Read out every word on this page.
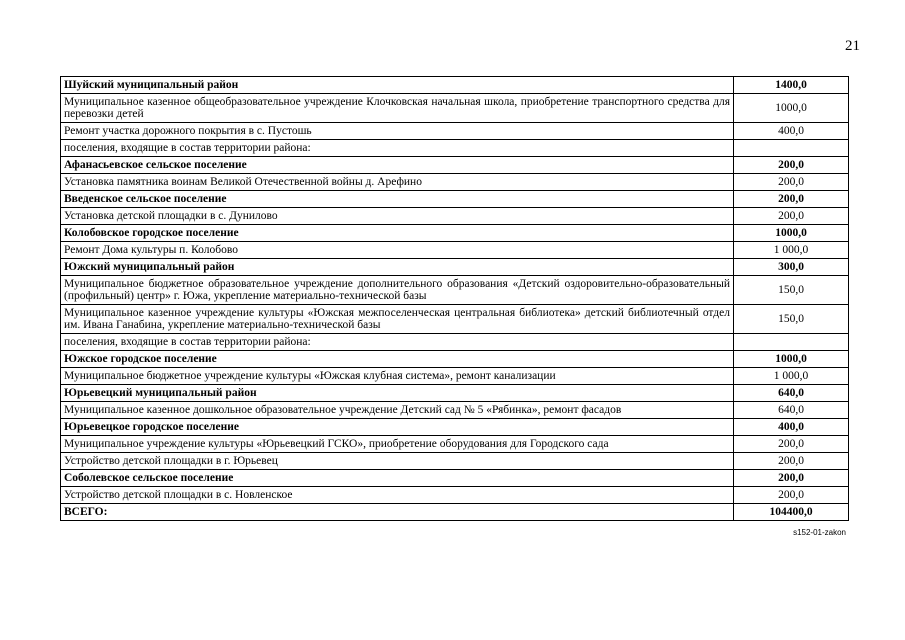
21
Шуйский муниципальный район	1400,0
Муниципальное казенное общеобразовательное учреждение Клочковская начальная школа, приобретение транспортного средства для перевозки детей	1000,0
Ремонт участка дорожного покрытия в с. Пустошь	400,0
поселения, входящие в состав территории района:	
Афанасьевское сельское поселение	200,0
Установка памятника воинам Великой Отечественной войны д. Арефино	200,0
Введенское сельское поселение	200,0
Установка детской площадки в с. Дунилово	200,0
Колобовское городское поселение	1000,0
Ремонт Дома культуры п. Колобово	1 000,0
Южский муниципальный район	300,0
Муниципальное бюджетное образовательное учреждение дополнительного образования «Детский оздоровительно-образовательный (профильный) центр» г. Южа, укрепление материально-технической базы	150,0
Муниципальное казенное учреждение культуры «Южская межпоселенческая центральная библиотека» детский библиотечный отдел им. Ивана Ганабина, укрепление материально-технической базы	150,0
поселения, входящие в состав территории района:	
Южское городское поселение	1000,0
Муниципальное бюджетное учреждение культуры «Южская клубная система», ремонт канализации	1 000,0
Юрьевецкий муниципальный район	640,0
Муниципальное казенное дошкольное образовательное учреждение Детский сад № 5 «Рябинка», ремонт фасадов	640,0
Юрьевецкое городское поселение	400,0
Муниципальное учреждение культуры «Юрьевецкий ГСКО», приобретение оборудования для Городского сада	200,0
Устройство детской площадки в г. Юрьевец	200,0
Соболевское сельское поселение	200,0
Устройство детской площадки в с. Новленское	200,0
ВСЕГО:	104400,0
s152-01-zakon
